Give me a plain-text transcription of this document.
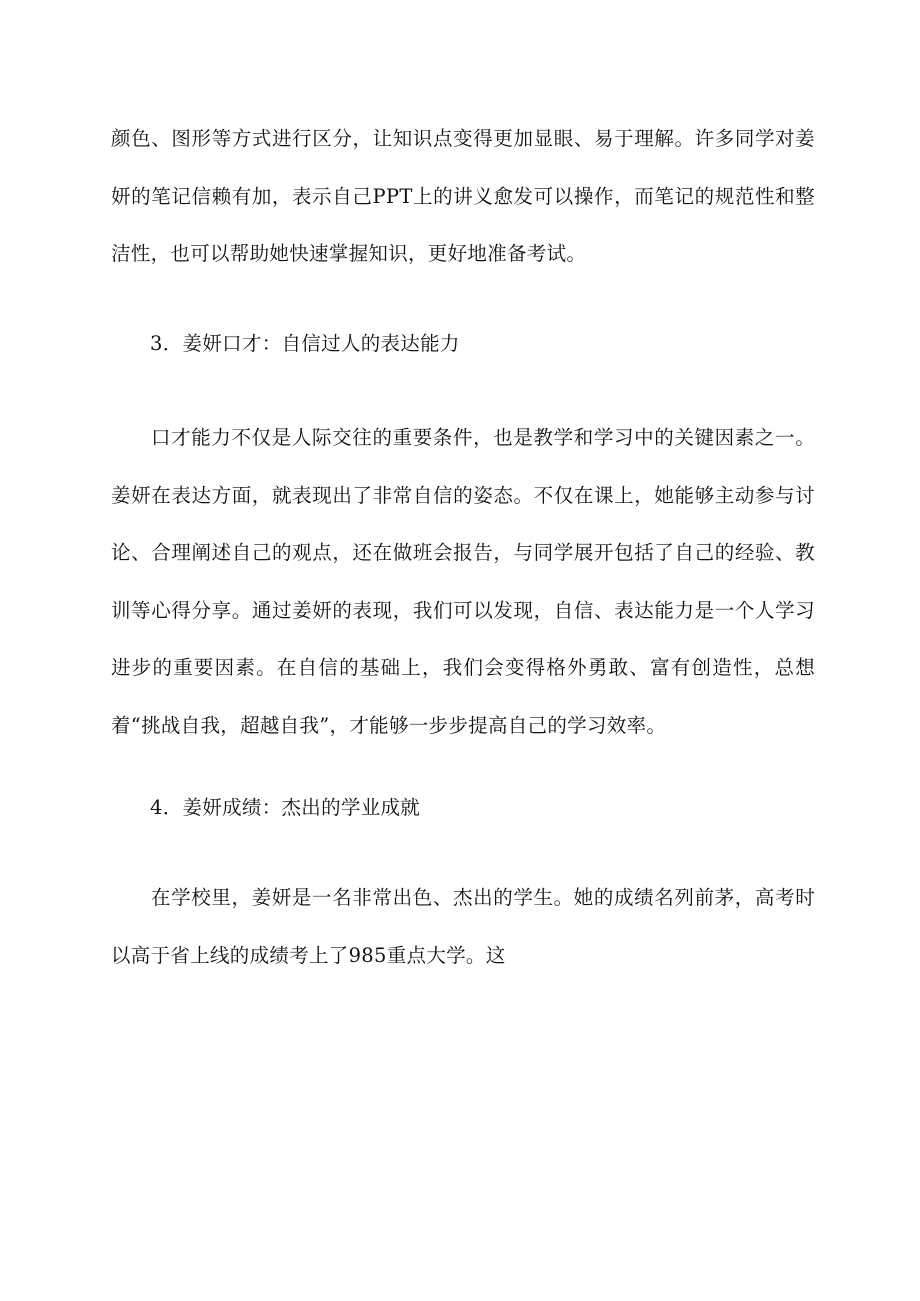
颜色、图形等方式进行区分，让知识点变得更加显眼、易于理解。许多同学对姜妍的笔记信赖有加，表示自己PPT上的讲义愈发可以操作，而笔记的规范性和整洁性，也可以帮助她快速掌握知识，更好地准备考试。

3．姜妍口才：自信过人的表达能力

口才能力不仅是人际交往的重要条件，也是教学和学习中的关键因素之一。姜妍在表达方面，就表现出了非常自信的姿态。不仅在课上，她能够主动参与讨论、合理阐述自己的观点，还在做班会报告，与同学展开包括了自己的经验、教训等心得分享。通过姜妍的表现，我们可以发现，自信、表达能力是一个人学习进步的重要因素。在自信的基础上，我们会变得格外勇敢、富有创造性，总想着“挑战自我，超越自我”，才能够一步步提高自己的学习效率。

4．姜妍成绩：杰出的学业成就

在学校里，姜妍是一名非常出色、杰出的学生。她的成绩名列前茅，高考时以高于省上线的成绩考上了985重点大学。这
